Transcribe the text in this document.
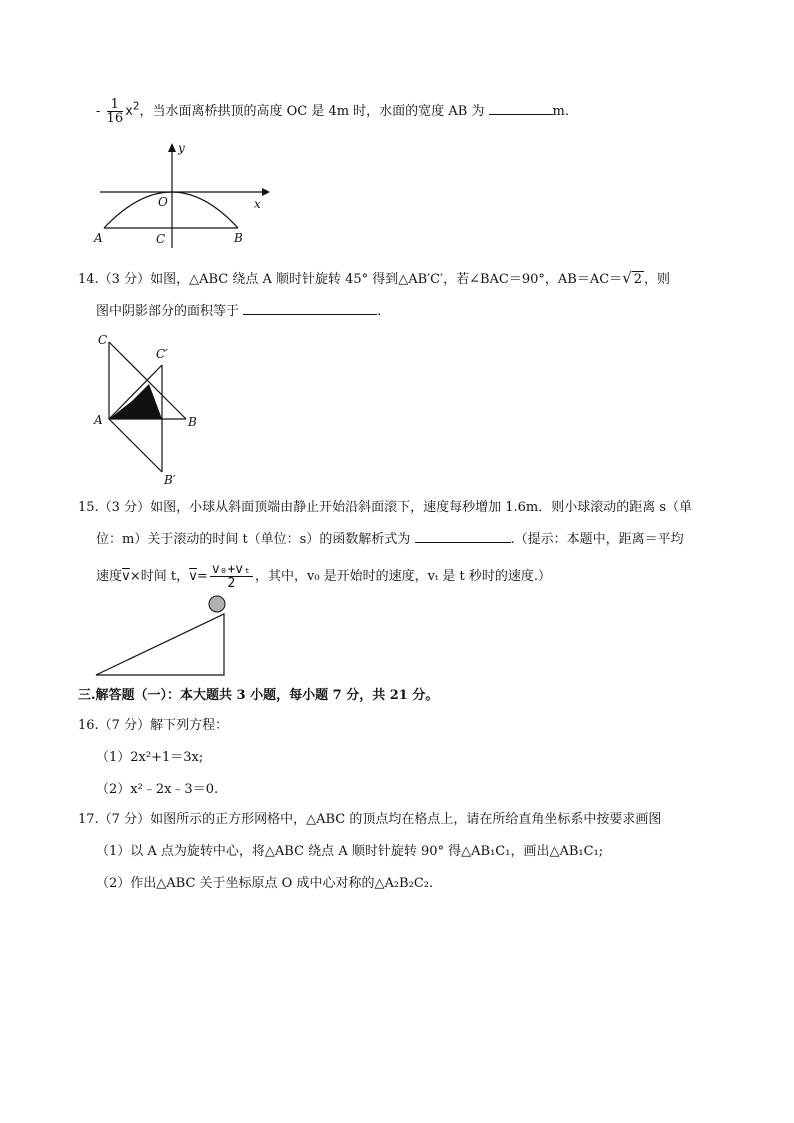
- $\frac{1}{16} x^2$，当水面离桥拱顶的高度 OC 是 4m 时，水面的宽度 AB 为	m.
y
x
O
A	C	B
14.（3 分）如图，△ABC 绕点 A 顺时针旋转 45° 得到△AB′C′，若∠BAC＝90°，AB＝AC＝√ 2 ，则
图中阴影部分的面积等于	.
C
C′
A	B
B′
15.（3 分）如图，小球从斜面顶端由静止开始沿斜面滚下，速度每秒增加 1.6m．则小球滚动的距离 s（单
位：m）关于滚动的时间 t（单位：s）的函数解析式为	.（提示：本题中，距离＝平均
速度$\overline{v}\times$时间 t，$\overline{v}= \frac{\text{v₀+vₜ}}{2}$ ，其中，v₀ 是开始时的速度，vₜ 是 t 秒时的速度.）
三.解答题（一）：本大题共 3 小题，每小题 7 分，共 21 分。
16.（7 分）解下列方程：
（1）2x²+1＝3x;
（2）x²﹣2x﹣3＝0.
17.（7 分）如图所示的正方形网格中，△ABC 的顶点均在格点上，请在所给直角坐标系中按要求画图
（1）以 A 点为旋转中心，将△ABC 绕点 A 顺时针旋转 90° 得△AB₁C₁，画出△AB₁C₁;
（2）作出△ABC 关于坐标原点 O 成中心对称的△A₂B₂C₂.
